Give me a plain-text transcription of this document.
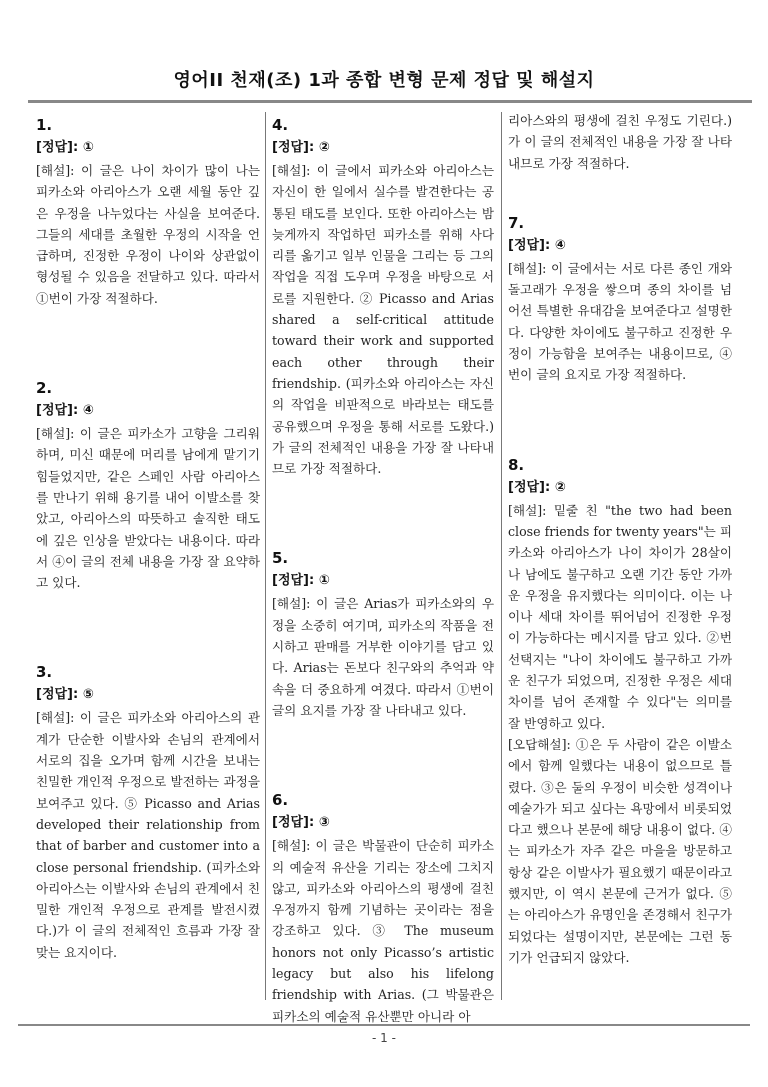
영어II 천재(조) 1과 종합 변형 문제 정답 및 해설지
1.
[정답]: ①

[해설]: 이 글은 나이 차이가 많이 나는 피카소와 아리아스가 오랜 세월 동안 깊은 우정을 나누었다는 사실을 보여준다. 그들의 세대를 초월한 우정의 시작을 언급하며, 진정한 우정이 나이와 상관없이 형성될 수 있음을 전달하고 있다. 따라서 ①번이 가장 적절하다.

2.
[정답]: ④

[해설]: 이 글은 피카소가 고향을 그리워하며, 미신 때문에 머리를 남에게 맡기기 힘들었지만, 같은 스페인 사람 아리아스를 만나기 위해 용기를 내어 이발소를 찾았고, 아리아스의 따뜻하고 솔직한 태도에 깊은 인상을 받았다는 내용이다. 따라서 ④이 글의 전체 내용을 가장 잘 요약하고 있다.

3.
[정답]: ⑤

[해설]: 이 글은 피카소와 아리아스의 관계가 단순한 이발사와 손님의 관계에서 서로의 집을 오가며 함께 시간을 보내는 친밀한 개인적 우정으로 발전하는 과정을 보여주고 있다. ⑤ Picasso and Arias developed their relationship from that of barber and customer into a close personal friendship. (피카소와 아리아스는 이발사와 손님의 관계에서 친밀한 개인적 우정으로 관계를 발전시켰다.)가 이 글의 전체적인 흐름과 가장 잘 맞는 요지이다.

4.
[정답]: ②

[해설]: 이 글에서 피카소와 아리아스는 자신이 한 일에서 실수를 발견한다는 공통된 태도를 보인다. 또한 아리아스는 밤늦게까지 작업하던 피카소를 위해 사다리를 옮기고 일부 인물을 그리는 등 그의 작업을 직접 도우며 우정을 바탕으로 서로를 지원한다. ② Picasso and Arias shared a self-critical attitude toward their work and supported each other through their friendship. (피카소와 아리아스는 자신의 작업을 비판적으로 바라보는 태도를 공유했으며 우정을 통해 서로를 도왔다.)가 글의 전체적인 내용을 가장 잘 나타내므로 가장 적절하다.

5.
[정답]: ①

[해설]: 이 글은 Arias가 피카소와의 우정을 소중히 여기며, 피카소의 작품을 전시하고 판매를 거부한 이야기를 담고 있다. Arias는 돈보다 친구와의 추억과 약속을 더 중요하게 여겼다. 따라서 ①번이 글의 요지를 가장 잘 나타내고 있다.

6.
[정답]: ③

[해설]: 이 글은 박물관이 단순히 피카소의 예술적 유산을 기리는 장소에 그치지 않고, 피카소와 아리아스의 평생에 걸친 우정까지 함께 기념하는 곳이라는 점을 강조하고 있다. ③ The museum honors not only Picasso’s artistic legacy but also his lifelong friendship with Arias. (그 박물관은 피카소의 예술적 유산뿐만 아니라 아

리아스와의 평생에 걸친 우정도 기린다.)가 이 글의 전체적인 내용을 가장 잘 나타내므로 가장 적절하다.

7.
[정답]: ④

[해설]: 이 글에서는 서로 다른 종인 개와 돌고래가 우정을 쌓으며 종의 차이를 넘어선 특별한 유대감을 보여준다고 설명한다. 다양한 차이에도 불구하고 진정한 우정이 가능함을 보여주는 내용이므로, ④번이 글의 요지로 가장 적절하다.

8.
[정답]: ②

[해설]: 밑줄 친 "the two had been close friends for twenty years"는 피카소와 아리아스가 나이 차이가 28살이나 남에도 불구하고 오랜 기간 동안 가까운 우정을 유지했다는 의미이다. 이는 나이나 세대 차이를 뛰어넘어 진정한 우정이 가능하다는 메시지를 담고 있다. ②번 선택지는 "나이 차이에도 불구하고 가까운 친구가 되었으며, 진정한 우정은 세대 차이를 넘어 존재할 수 있다"는 의미를 잘 반영하고 있다.

[오답해설]: ①은 두 사람이 같은 이발소에서 함께 일했다는 내용이 없으므로 틀렸다. ③은 둘의 우정이 비슷한 성격이나 예술가가 되고 싶다는 욕망에서 비롯되었다고 했으나 본문에 해당 내용이 없다. ④는 피카소가 자주 같은 마을을 방문하고 항상 같은 이발사가 필요했기 때문이라고 했지만, 이 역시 본문에 근거가 없다. ⑤는 아리아스가 유명인을 존경해서 친구가 되었다는 설명이지만, 본문에는 그런 동기가 언급되지 않았다.

- 1 -
